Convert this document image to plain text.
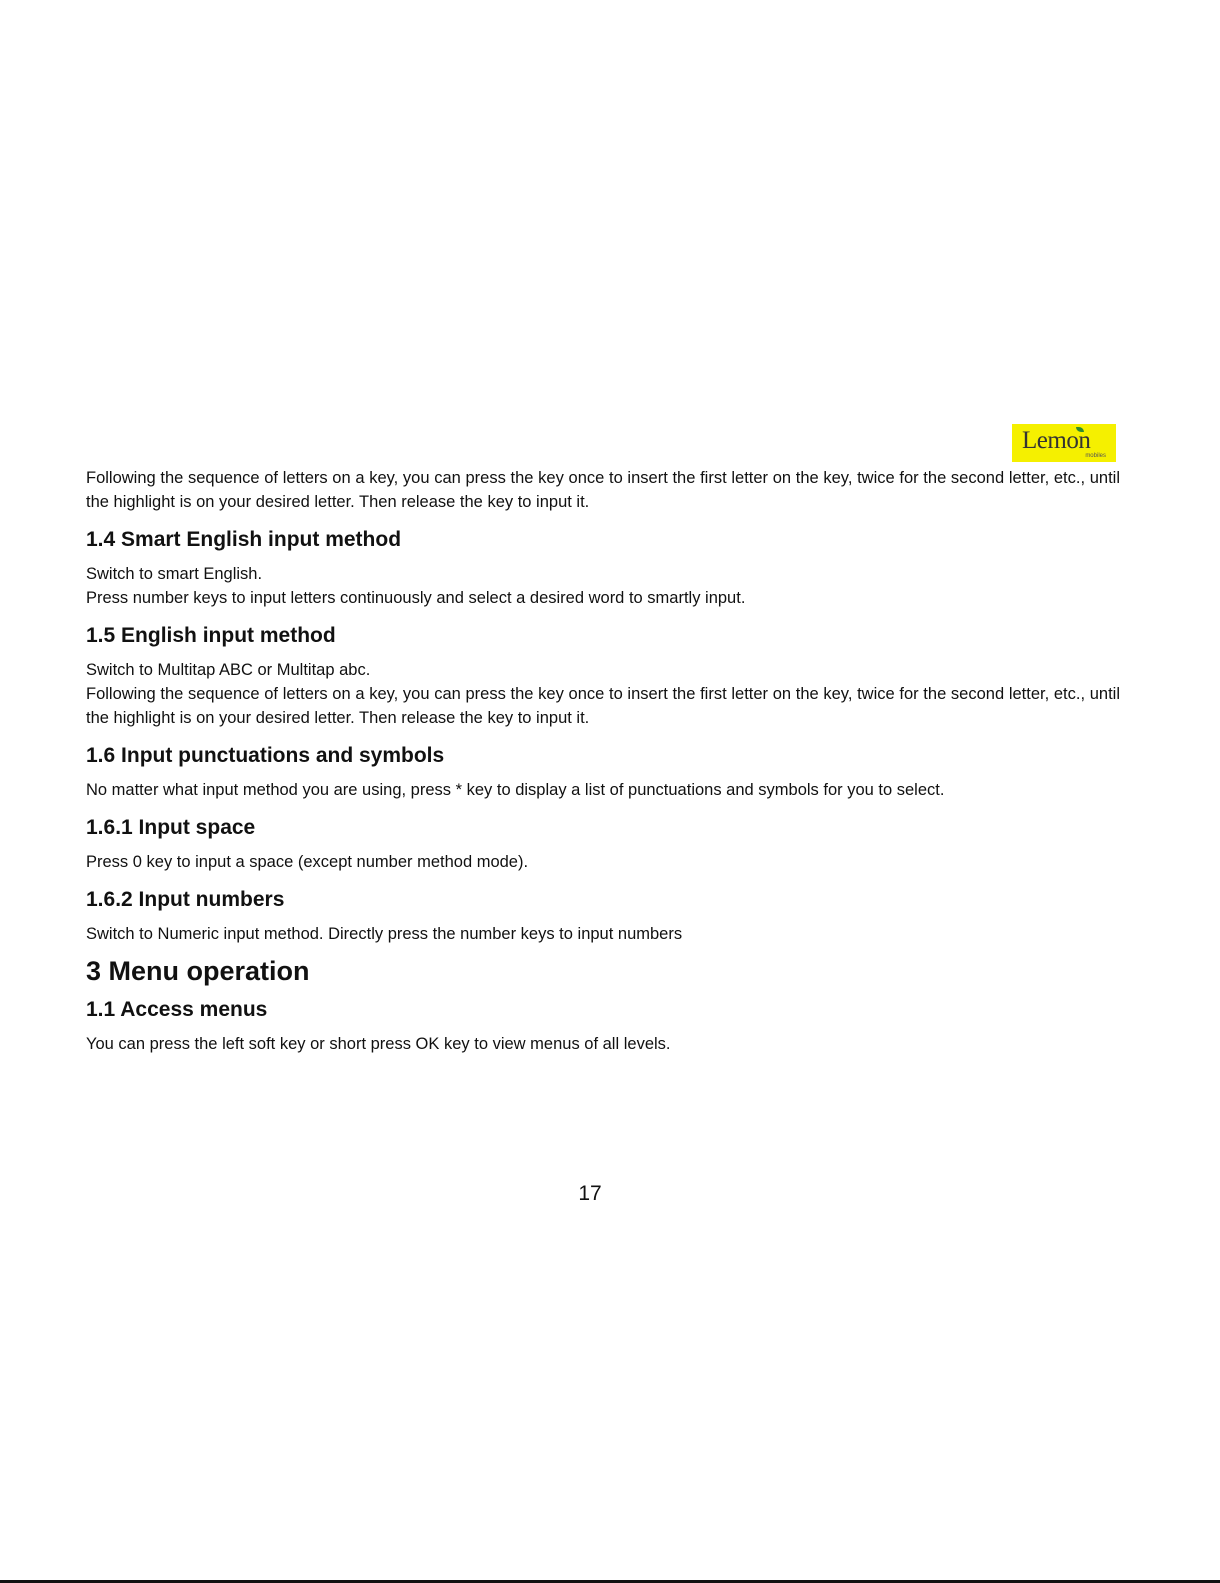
Lemon
mobiles

Following the sequence of letters on a key, you can press the key once to insert the first letter on the key, twice for the second letter, etc., until the highlight is on your desired letter. Then release the key to input it.

1.4 Smart English input method

Switch to smart English.

Press number keys to input letters continuously and select a desired word to smartly input.

1.5 English input method

Switch to Multitap ABC or Multitap abc.

Following the sequence of letters on a key, you can press the key once to insert the first letter on the key, twice for the second letter, etc., until the highlight is on your desired letter. Then release the key to input it.

1.6 Input punctuations and symbols

No matter what input method you are using, press * key to display a list of punctuations and symbols for you to select.

1.6.1 Input space

Press 0 key to input a space (except number method mode).

1.6.2 Input numbers

Switch to Numeric input method. Directly press the number keys to input numbers

3 Menu operation
1.1 Access menus

You can press the left soft key or short press OK key to view menus of all levels.

17
